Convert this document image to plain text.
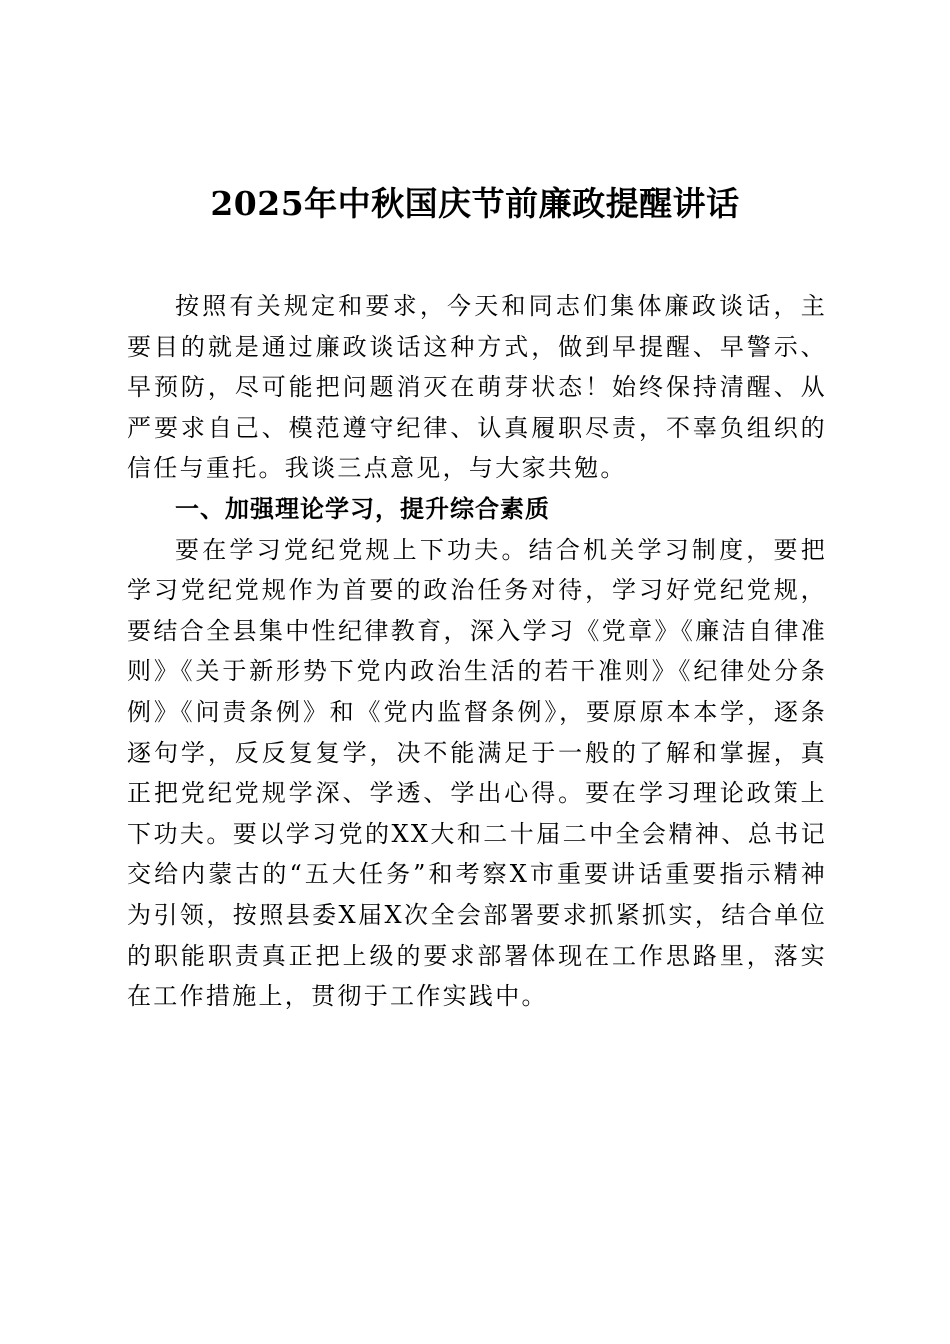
2025年中秋国庆节前廉政提醒讲话

按照有关规定和要求，今天和同志们集体廉政谈话，主要目的就是通过廉政谈话这种方式，做到早提醒、早警示、早预防，尽可能把问题消灭在萌芽状态！始终保持清醒、从严要求自己、模范遵守纪律、认真履职尽责，不辜负组织的信任与重托。我谈三点意见，与大家共勉。

一、加强理论学习，提升综合素质

要在学习党纪党规上下功夫。结合机关学习制度，要把学习党纪党规作为首要的政治任务对待，学习好党纪党规，要结合全县集中性纪律教育，深入学习《党章》《廉洁自律准则》《关于新形势下党内政治生活的若干准则》《纪律处分条例》《问责条例》和《党内监督条例》，要原原本本学，逐条逐句学，反反复复学，决不能满足于一般的了解和掌握，真正把党纪党规学深、学透、学出心得。要在学习理论政策上下功夫。要以学习党的XX大和二十届二中全会精神、总书记交给内蒙古的“五大任务”和考察X市重要讲话重要指示精神为引领，按照县委X届X次全会部署要求抓紧抓实，结合单位的职能职责真正把上级的要求部署体现在工作思路里，落实在工作措施上，贯彻于工作实践中。
